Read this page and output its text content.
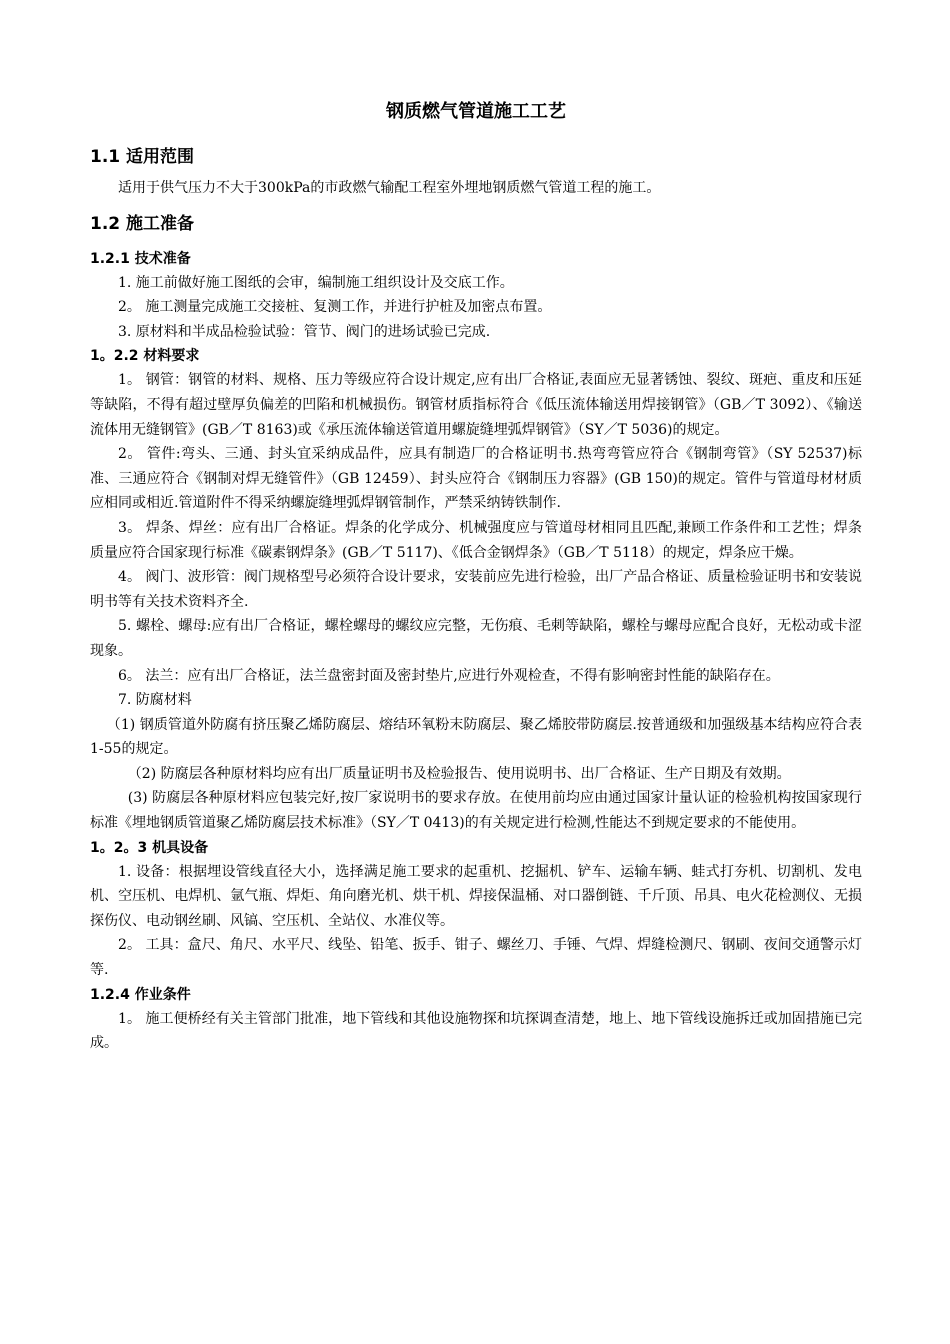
钢质燃气管道施工工艺
1.1 适用范围

适用于供气压力不大于300kPa的市政燃气输配工程室外埋地钢质燃气管道工程的施工。

1.2 施工准备
1.2.1 技术准备

1. 施工前做好施工图纸的会审，编制施工组织设计及交底工作。

2。 施工测量完成施工交接桩、复测工作，并进行护桩及加密点布置。

3. 原材料和半成品检验试验：管节、阀门的进场试验已完成.

1。2.2 材料要求

1。 钢管：钢管的材料、规格、压力等级应符合设计规定,应有出厂合格证,表面应无显著锈蚀、裂纹、斑疤、重皮和压延等缺陷，不得有超过壁厚负偏差的凹陷和机械损伤。钢管材质指标符合《低压流体输送用焊接钢管》（GB／T 3092）、《输送流体用无缝钢管》(GB／T 8163)或《承压流体输送管道用螺旋缝埋弧焊钢管》（SY／T 5036)的规定。

2。 管件:弯头、三通、封头宜采纳成品件，应具有制造厂的合格证明书.热弯弯管应符合《钢制弯管》（SY 52537)标准、三通应符合《钢制对焊无缝管件》（GB 12459）、封头应符合《钢制压力容器》(GB 150)的规定。管件与管道母材材质应相同或相近.管道附件不得采纳螺旋缝埋弧焊钢管制作，严禁采纳铸铁制作.

3。 焊条、焊丝：应有出厂合格证。焊条的化学成分、机械强度应与管道母材相同且匹配,兼顾工作条件和工艺性；焊条质量应符合国家现行标准《碳素钢焊条》(GB／T 5117)、《低合金钢焊条》（GB／T 5118）的规定，焊条应干燥。

4。 阀门、波形管：阀门规格型号必须符合设计要求，安装前应先进行检验，出厂产品合格证、质量检验证明书和安装说明书等有关技术资料齐全.

5. 螺栓、螺母:应有出厂合格证，螺栓螺母的螺纹应完整，无伤痕、毛刺等缺陷，螺栓与螺母应配合良好，无松动或卡涩现象。

6。 法兰：应有出厂合格证，法兰盘密封面及密封垫片,应进行外观检查，不得有影响密封性能的缺陷存在。

7. 防腐材料

（1) 钢质管道外防腐有挤压聚乙烯防腐层、熔结环氧粉末防腐层、聚乙烯胶带防腐层.按普通级和加强级基本结构应符合表1-55的规定。

（2) 防腐层各种原材料均应有出厂质量证明书及检验报告、使用说明书、出厂合格证、生产日期及有效期。

(3) 防腐层各种原材料应包装完好,按厂家说明书的要求存放。在使用前均应由通过国家计量认证的检验机构按国家现行标准《埋地钢质管道聚乙烯防腐层技术标准》（SY／T 0413)的有关规定进行检测,性能达不到规定要求的不能使用。

1。2。3 机具设备

1. 设备：根据埋设管线直径大小，选择满足施工要求的起重机、挖掘机、铲车、运输车辆、蛙式打夯机、切割机、发电机、空压机、电焊机、氩气瓶、焊炬、角向磨光机、烘干机、焊接保温桶、对口器倒链、千斤顶、吊具、电火花检测仪、无损探伤仪、电动钢丝刷、风镐、空压机、全站仪、水准仪等。

2。 工具：盒尺、角尺、水平尺、线坠、铅笔、扳手、钳子、螺丝刀、手锤、气焊、焊缝检测尺、钢刷、夜间交通警示灯等.

1.2.4 作业条件

1。 施工便桥经有关主管部门批准，地下管线和其他设施物探和坑探调查清楚，地上、地下管线设施拆迁或加固措施已完成。
